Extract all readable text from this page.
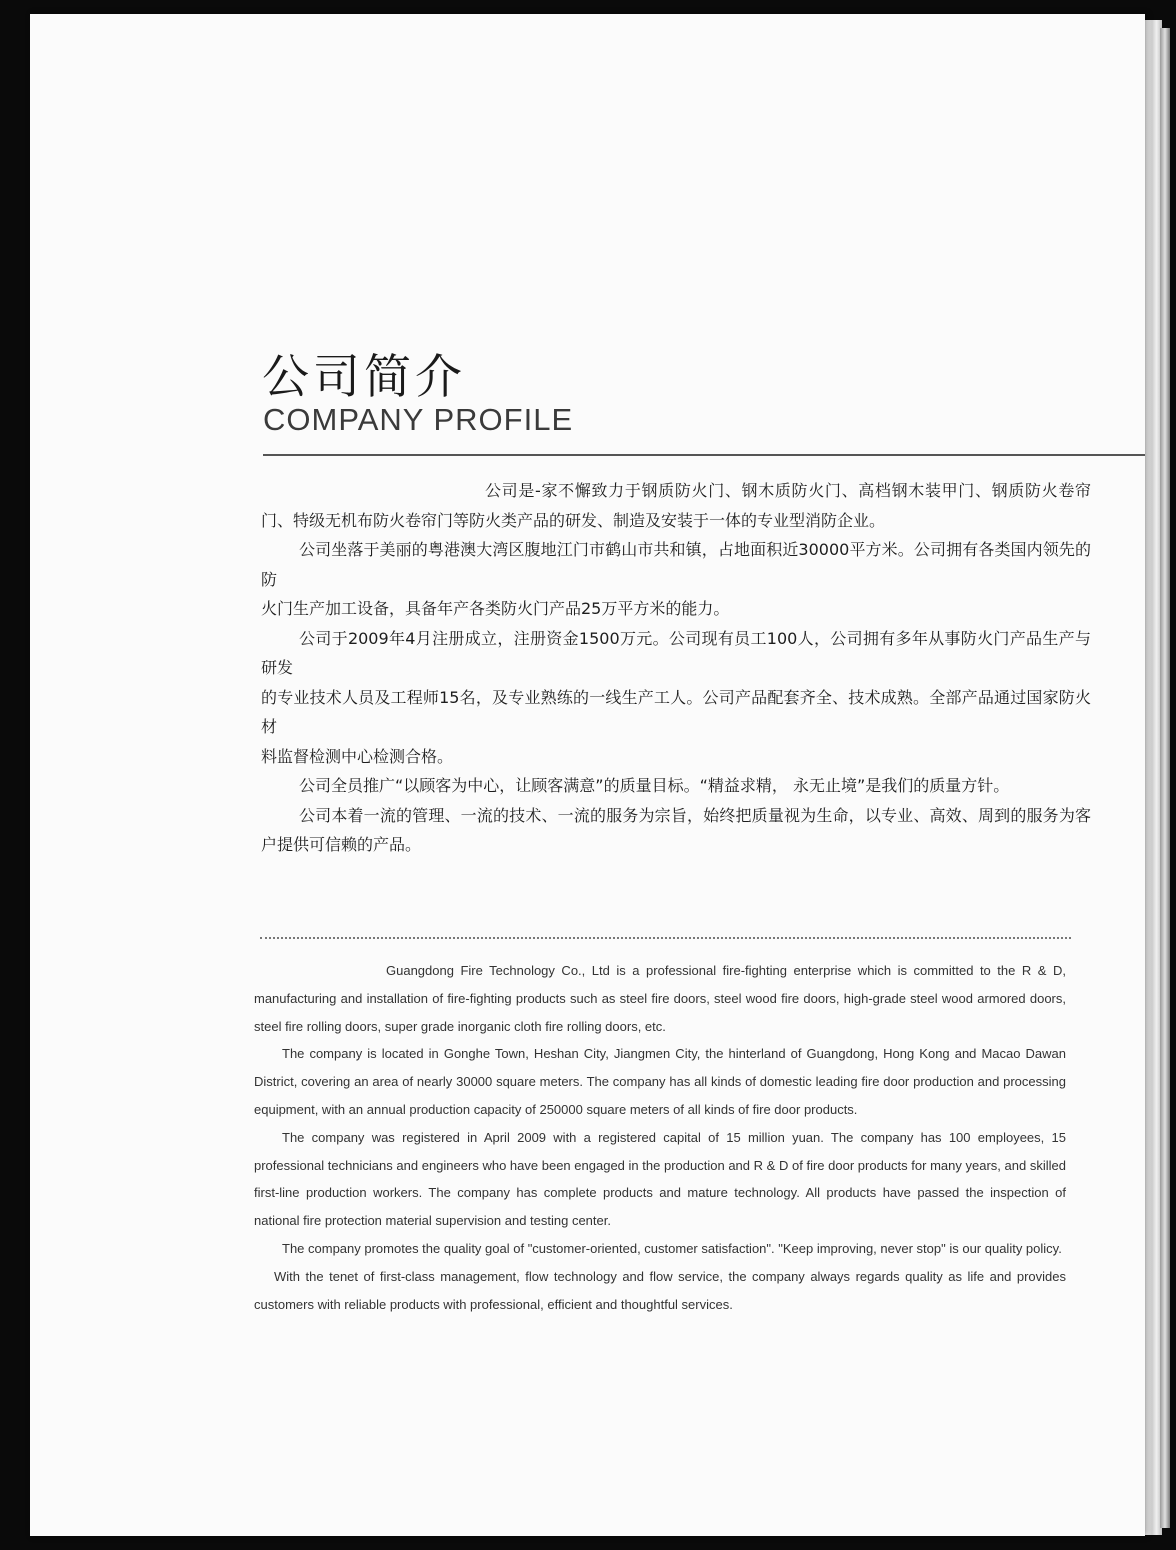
公司简介
COMPANY PROFILE

公司是-家不懈致力于钢质防火门、钢木质防火门、高档钢木装甲门、钢质防火卷帘门、特级无机布防火卷帘门等防火类产品的研发、制造及安装于一体的专业型消防企业。

公司坐落于美丽的粤港澳大湾区腹地江门市鹤山市共和镇，占地面积近30000平方米。公司拥有各类国内领先的防

火门生产加工设备，具备年产各类防火门产品25万平方米的能力。

公司于2009年4月注册成立，注册资金1500万元。公司现有员工100人，公司拥有多年从事防火门产品生产与研发

的专业技术人员及工程师15名，及专业熟练的一线生产工人。公司产品配套齐全、技术成熟。全部产品通过国家防火材

料监督检测中心检测合格。

公司全员推广“以顾客为中心，让顾客满意”的质量目标。“精益求精， 永无止境”是我们的质量方针。

公司本着一流的管理、一流的技术、一流的服务为宗旨，始终把质量视为生命，以专业、高效、周到的服务为客户提供可信赖的产品。

Guangdong Fire Technology Co., Ltd is a professional fire-fighting enterprise which is committed to the R & D, manufacturing and installation of fire-fighting products such as steel fire doors, steel wood fire doors, high-grade steel wood armored doors, steel fire rolling doors, super grade inorganic cloth fire rolling doors, etc.

The company is located in Gonghe Town, Heshan City, Jiangmen City, the hinterland of Guangdong, Hong Kong and Macao Dawan District, covering an area of nearly 30000 square meters. The company has all kinds of domestic leading fire door production and processing equipment, with an annual production capacity of 250000 square meters of all kinds of fire door products.

The company was registered in April 2009 with a registered capital of 15 million yuan. The company has 100 employees, 15 professional technicians and engineers who have been engaged in the production and R & D of fire door products for many years, and skilled first-line production workers. The company has complete products and mature technology. All products have passed the inspection of national fire protection material supervision and testing center.

The company promotes the quality goal of "customer-oriented, customer satisfaction". "Keep improving, never stop" is our quality policy.

With the tenet of first-class management, flow technology and flow service, the company always regards quality as life and provides customers with reliable products with professional, efficient and thoughtful services.
